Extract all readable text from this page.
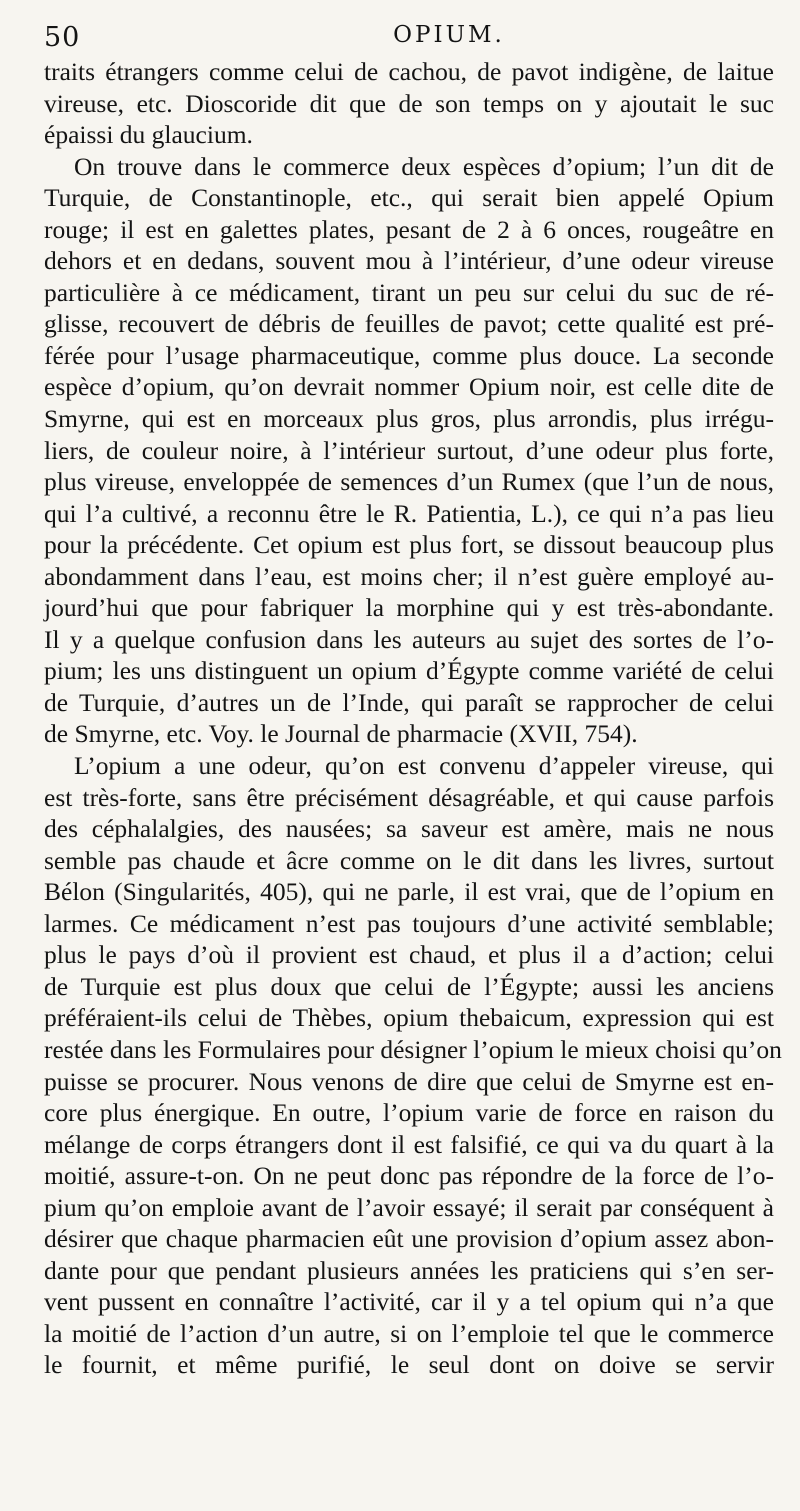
50	OPIUM.
traits étrangers comme celui de cachou, de pavot indigène, de laitue
vireuse, etc. Dioscoride dit que de son temps on y ajoutait le suc
épaissi du glaucium.
On trouve dans le commerce deux espèces d’opium; l’un dit de
Turquie, de Constantinople, etc., qui serait bien appelé Opium
rouge; il est en galettes plates, pesant de 2 à 6 onces, rougeâtre en
dehors et en dedans, souvent mou à l’intérieur, d’une odeur vireuse
particulière à ce médicament, tirant un peu sur celui du suc de ré-
glisse, recouvert de débris de feuilles de pavot; cette qualité est pré-
férée pour l’usage pharmaceutique, comme plus douce. La seconde
espèce d’opium, qu’on devrait nommer Opium noir, est celle dite de
Smyrne, qui est en morceaux plus gros, plus arrondis, plus irrégu-
liers, de couleur noire, à l’intérieur surtout, d’une odeur plus forte,
plus vireuse, enveloppée de semences d’un Rumex (que l’un de nous,
qui l’a cultivé, a reconnu être le R. Patientia, L.), ce qui n’a pas lieu
pour la précédente. Cet opium est plus fort, se dissout beaucoup plus
abondamment dans l’eau, est moins cher; il n’est guère employé au-
jourd’hui que pour fabriquer la morphine qui y est très-abondante.
Il y a quelque confusion dans les auteurs au sujet des sortes de l’o-
pium; les uns distinguent un opium d’Égypte comme variété de celui
de Turquie, d’autres un de l’Inde, qui paraît se rapprocher de celui
de Smyrne, etc. Voy. le Journal de pharmacie (XVII, 754).
L’opium a une odeur, qu’on est convenu d’appeler vireuse, qui
est très-forte, sans être précisément désagréable, et qui cause parfois
des céphalalgies, des nausées; sa saveur est amère, mais ne nous
semble pas chaude et âcre comme on le dit dans les livres, surtout
Bélon (Singularités, 405), qui ne parle, il est vrai, que de l’opium en
larmes. Ce médicament n’est pas toujours d’une activité semblable;
plus le pays d’où il provient est chaud, et plus il a d’action; celui
de Turquie est plus doux que celui de l’Égypte; aussi les anciens
préféraient-ils celui de Thèbes, opium thebaicum, expression qui est
restée dans les Formulaires pour désigner l’opium le mieux choisi qu’on
puisse se procurer. Nous venons de dire que celui de Smyrne est en-
core plus énergique. En outre, l’opium varie de force en raison du
mélange de corps étrangers dont il est falsifié, ce qui va du quart à la
moitié, assure-t-on. On ne peut donc pas répondre de la force de l’o-
pium qu’on emploie avant de l’avoir essayé; il serait par conséquent à
désirer que chaque pharmacien eût une provision d’opium assez abon-
dante pour que pendant plusieurs années les praticiens qui s’en ser-
vent pussent en connaître l’activité, car il y a tel opium qui n’a que
la moitié de l’action d’un autre, si on l’emploie tel que le commerce
le fournit, et même purifié, le seul dont on doive se servir
